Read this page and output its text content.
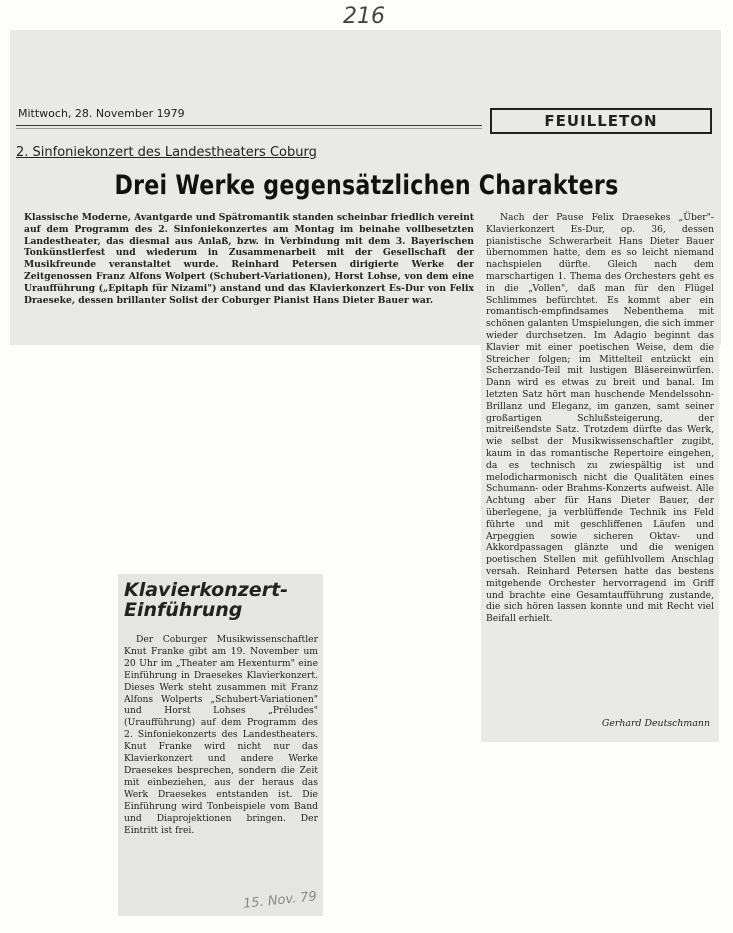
216
Mittwoch, 28. November 1979	FEUILLETON
2. Sinfoniekonzert des Landestheaters Coburg
Drei Werke gegensätzlichen Charakters
Klassische Moderne, Avantgarde und Spätromantik standen scheinbar friedlich vereint auf dem Programm des 2. Sinfoniekonzertes am Montag im beinahe vollbesetzten Landestheater, das diesmal aus Anlaß, bzw. in Verbindung mit dem 3. Bayerischen Tonkünstlerfest und wiederum in Zusammenarbeit mit der Gesellschaft der Musikfreunde veranstaltet wurde. Reinhard Petersen dirigierte Werke der Zeitgenossen Franz Alfons Wolpert (Schubert-Variationen), Horst Lohse, von dem eine Uraufführung („Epitaph für Nizami") anstand und das Klavierkonzert Es-Dur von Felix Draeseke, dessen brillanter Solist der Coburger Pianist Hans Dieter Bauer war.

Nach der Pause Felix Draesekes „Über"-Klavierkonzert Es-Dur, op. 36, dessen pianistische Schwerarbeit Hans Dieter Bauer übernommen hatte, dem es so leicht niemand nachspielen dürfte. Gleich nach dem marschartigen 1. Thema des Orchesters geht es in die „Vollen", daß man für den Flügel Schlimmes befürchtet. Es kommt aber ein romantisch-empfindsames Nebenthema mit schönen galanten Umspielungen, die sich immer wieder durchsetzen. Im Adagio beginnt das Klavier mit einer poetischen Weise, dem die Streicher folgen; im Mittelteil entzückt ein Scherzando-Teil mit lustigen Bläsereinwürfen. Dann wird es etwas zu breit und banal. Im letzten Satz hört man huschende Mendelssohn-Brillanz und Eleganz, im ganzen, samt seiner großartigen Schlußsteigerung, der mitreißendste Satz. Trotzdem dürfte das Werk, wie selbst der Musikwissenschaftler zugibt, kaum in das romantische Repertoire eingehen, da es technisch zu zwiespältig ist und melodicharmonisch nicht die Qualitäten eines Schumann- oder Brahms-Konzerts aufweist. Alle Achtung aber für Hans Dieter Bauer, der überlegene, ja verblüffende Technik ins Feld führte und mit geschliffenen Läufen und Arpeggien sowie sicheren Oktav- und Akkordpassagen glänzte und die wenigen poetischen Stellen mit gefühlvollem Anschlag versah. Reinhard Petersen hatte das bestens mitgehende Orchester hervorragend im Griff und brachte eine Gesamtaufführung zustande, die sich hören lassen konnte und mit Recht viel Beifall erhielt.

Gerhard Deutschmann
Klavierkonzert-
Einführung

Der Coburger Musikwissenschaftler Knut Franke gibt am 19. November um 20 Uhr im „Theater am Hexenturm" eine Einführung in Draesekes Klavierkonzert. Dieses Werk steht zusammen mit Franz Alfons Wolperts „Schubert-Variationen" und Horst Lohses „Préludes" (Uraufführung) auf dem Programm des 2. Sinfoniekonzerts des Landestheaters. Knut Franke wird nicht nur das Klavierkonzert und andere Werke Draesekes besprechen, sondern die Zeit mit einbeziehen, aus der heraus das Werk Draesekes entstanden ist. Die Einführung wird Tonbeispiele vom Band und Diaprojektionen bringen. Der Eintritt ist frei.

15. Nov. 79
